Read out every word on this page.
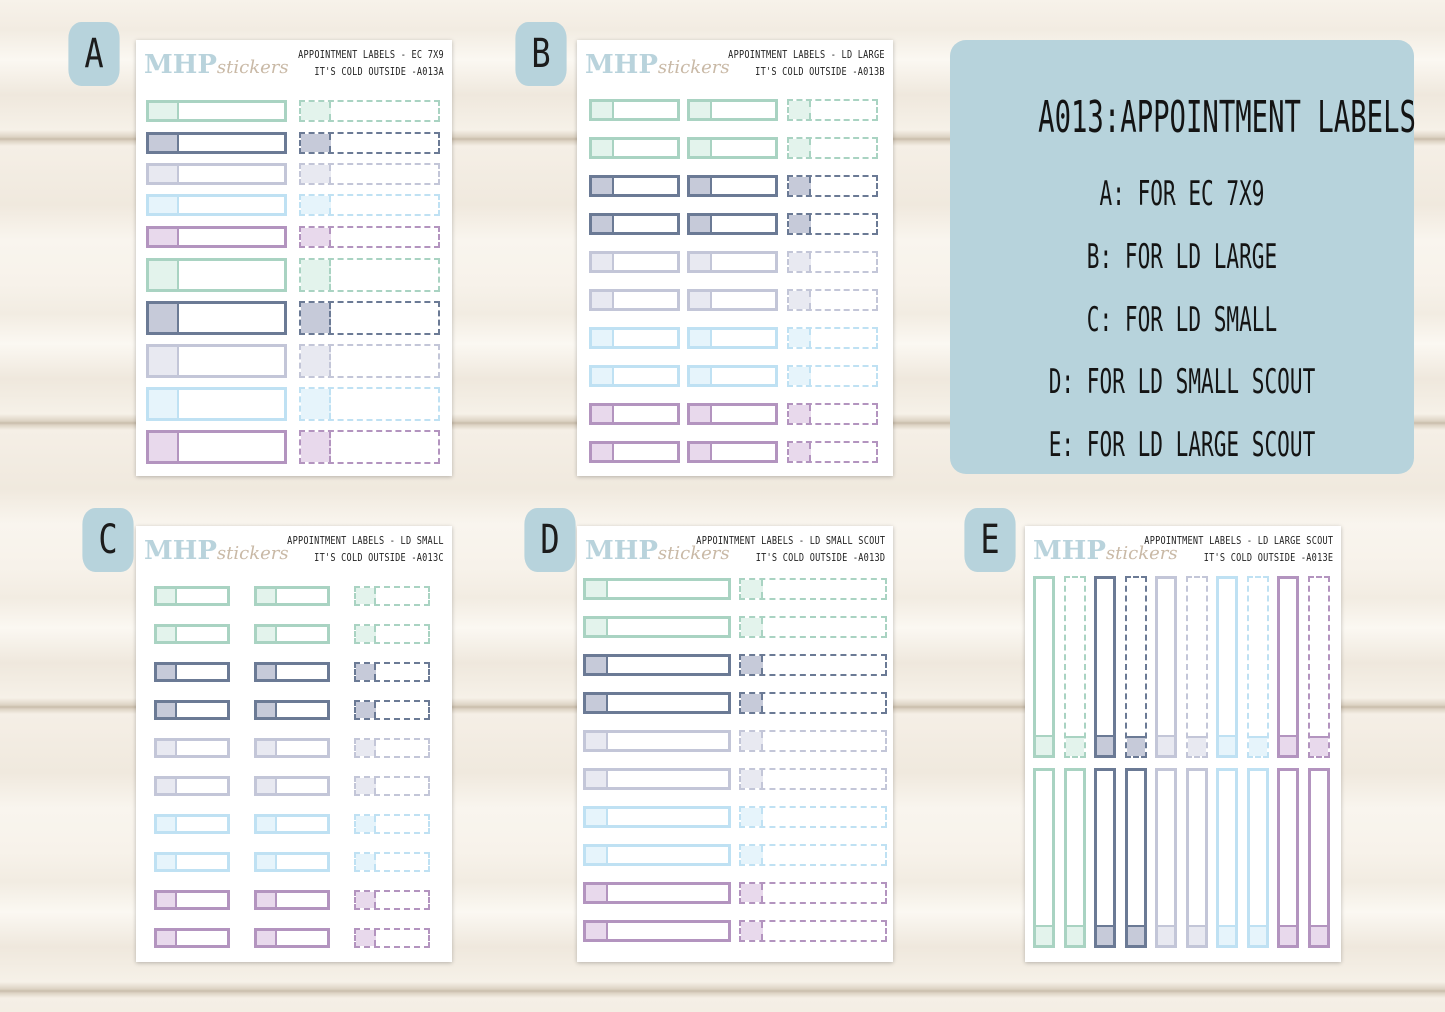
A013:APPOINTMENT LABELS
A: FOR EC 7X9
B: FOR LD LARGE
C: FOR LD SMALL
D: FOR LD SMALL SCOUT
E: FOR LD LARGE SCOUT
MHPstickers
APPOINTMENT LABELS - EC 7X9
IT'S COLD OUTSIDE -A013A
A	MHPstickers
APPOINTMENT LABELS - LD LARGE
IT'S COLD OUTSIDE -A013B
B
MHPstickers
APPOINTMENT LABELS - LD SMALL
IT'S COLD OUTSIDE -A013C
C	MHPstickers
APPOINTMENT LABELS - LD SMALL SCOUT
IT'S COLD OUTSIDE -A013D
D	MHPstickers
APPOINTMENT LABELS - LD LARGE SCOUT
IT'S COLD OUTSIDE -A013E
E
